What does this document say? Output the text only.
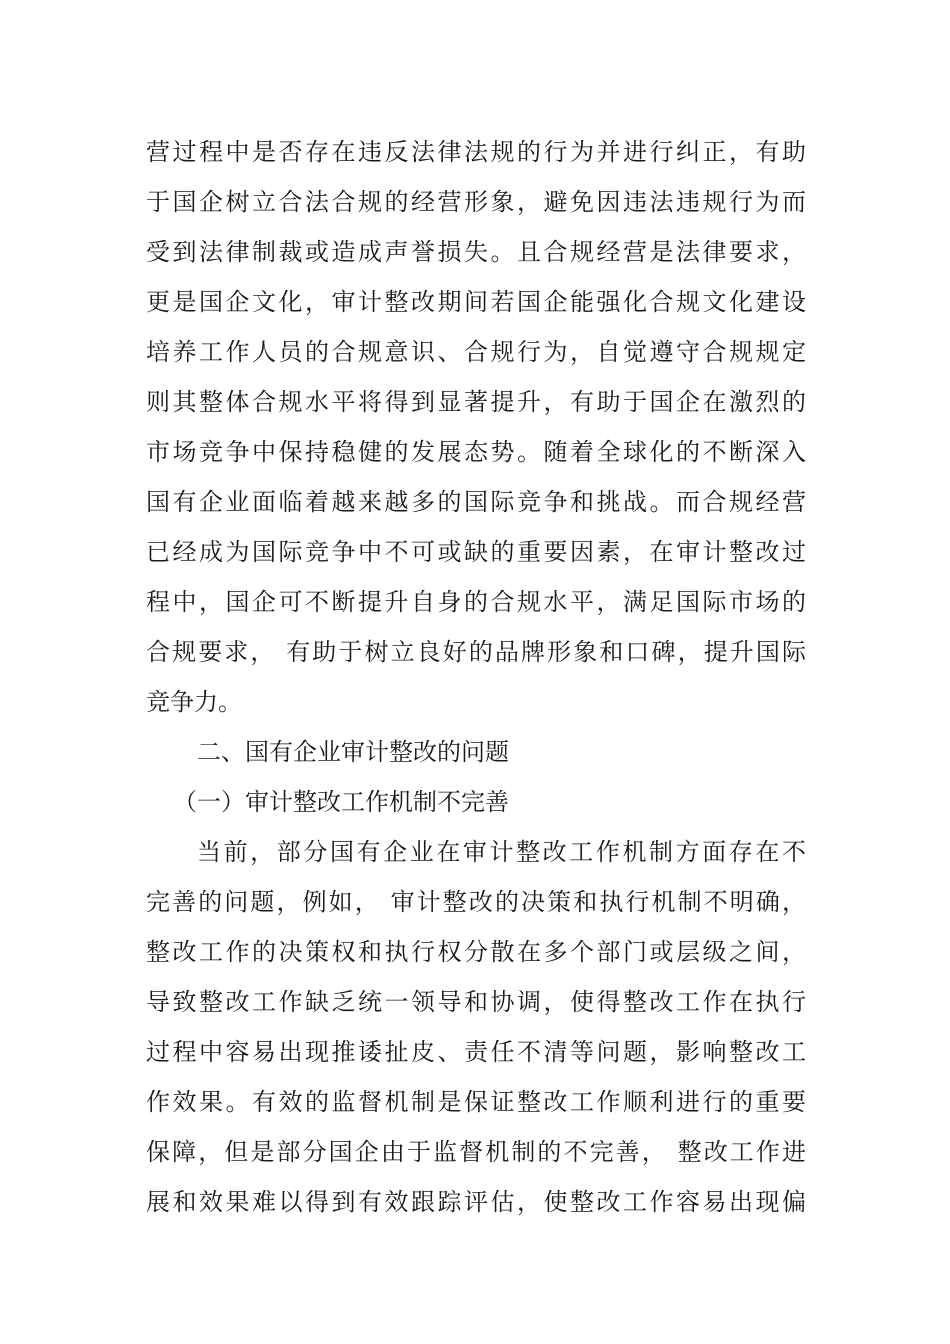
营过程中是否存在违反法律法规的行为并进行纠正，有助
于国企树立合法合规的经营形象，避免因违法违规行为而
受到法律制裁或造成声誉损失。且合规经营是法律要求，
更是国企文化，审计整改期间若国企能强化合规文化建设
培养工作人员的合规意识、合规行为，自觉遵守合规规定
则其整体合规水平将得到显著提升，有助于国企在激烈的
市场竞争中保持稳健的发展态势。随着全球化的不断深入
国有企业面临着越来越多的国际竞争和挑战。而合规经营
已经成为国际竞争中不可或缺的重要因素，在审计整改过
程中，国企可不断提升自身的合规水平，满足国际市场的
合规要求， 有助于树立良好的品牌形象和口碑，提升国际
竞争力。
二、国有企业审计整改的问题
（一）审计整改工作机制不完善
当前，部分国有企业在审计整改工作机制方面存在不
完善的问题，例如， 审计整改的决策和执行机制不明确，
整改工作的决策权和执行权分散在多个部门或层级之间，
导致整改工作缺乏统一领导和协调，使得整改工作在执行
过程中容易出现推诿扯皮、责任不清等问题，影响整改工
作效果。有效的监督机制是保证整改工作顺利进行的重要
保障，但是部分国企由于监督机制的不完善， 整改工作进
展和效果难以得到有效跟踪评估，使整改工作容易出现偏
